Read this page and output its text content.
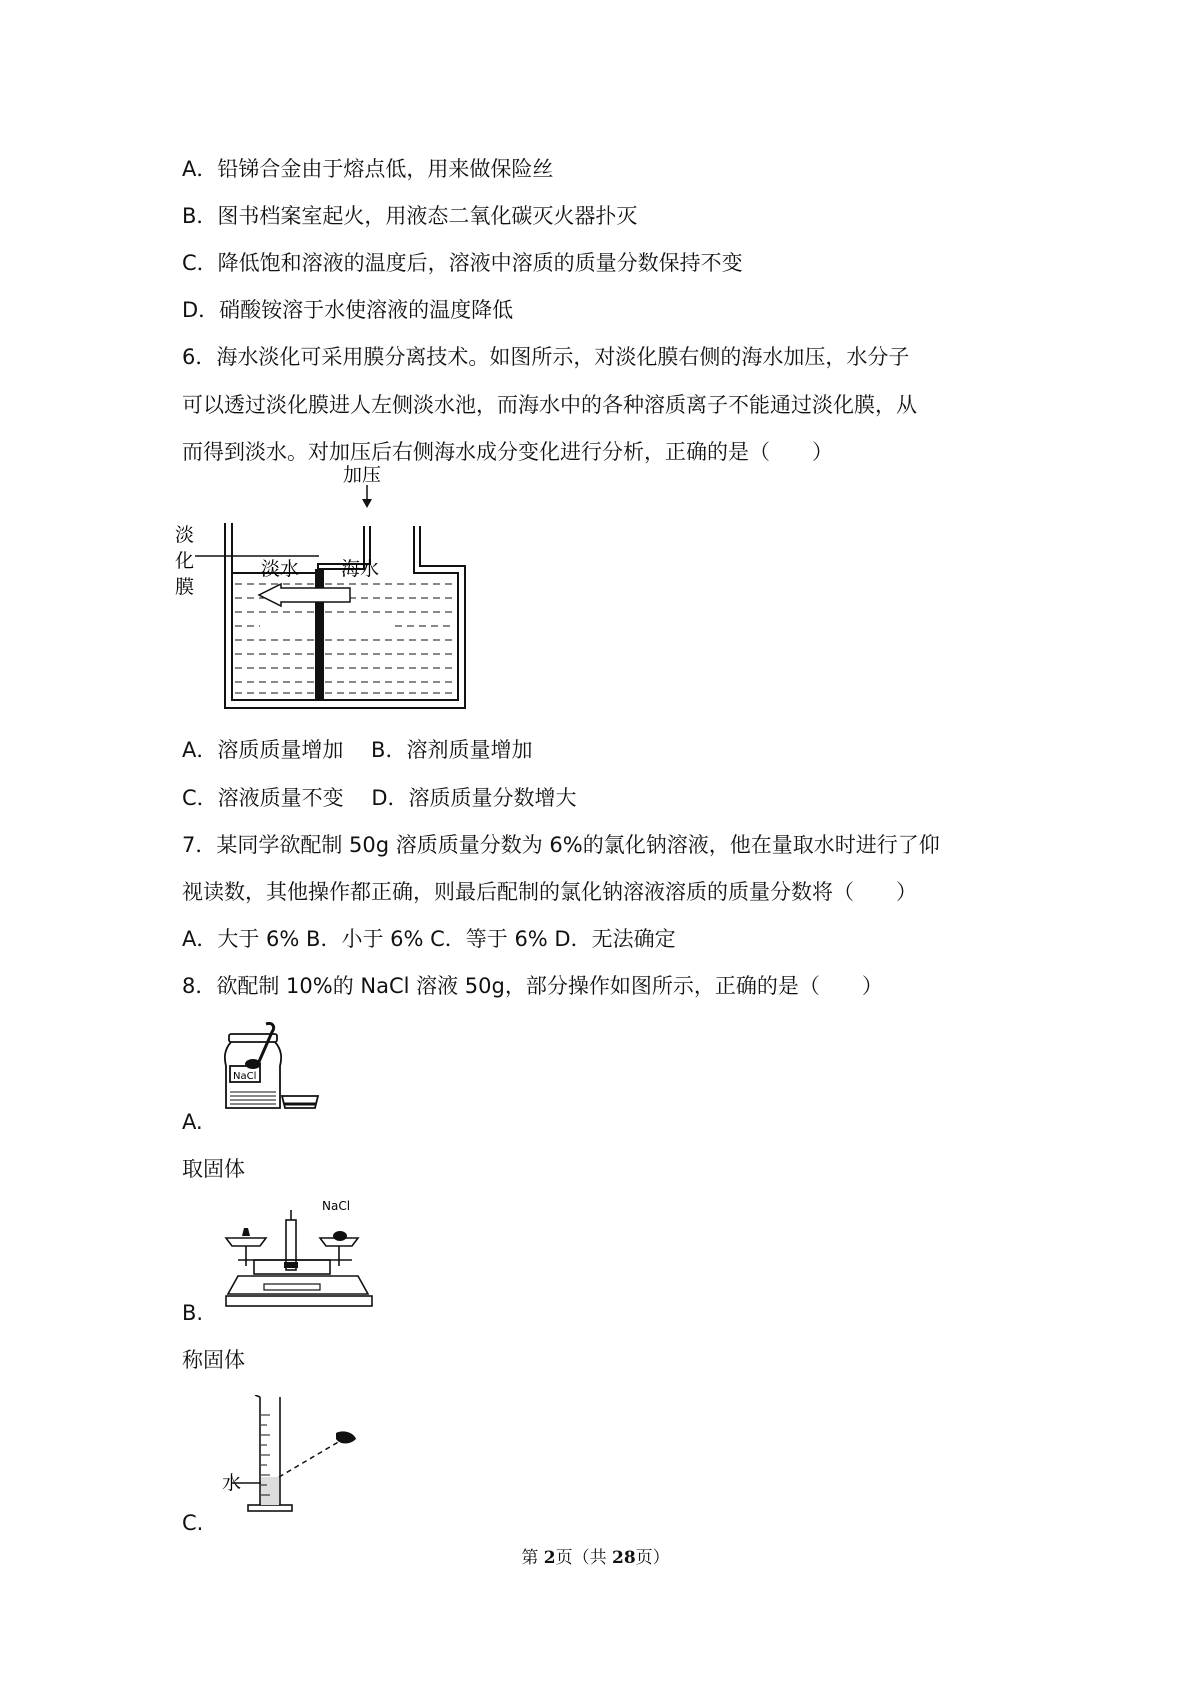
A．铅锑合金由于熔点低，用来做保险丝
B．图书档案室起火，用液态二氧化碳灭火器扑灭
C．降低饱和溶液的温度后，溶液中溶质的质量分数保持不变
D．硝酸铵溶于水使溶液的温度降低
6．海水淡化可采用膜分离技术。如图所示，对淡化膜右侧的海水加压，水分子
可以透过淡化膜进人左侧淡水池，而海水中的各种溶质离子不能通过淡化膜，从
而得到淡水。对加压后右侧海水成分变化进行分析，正确的是（　　）
加压
淡
化
膜
淡水 海水
A．溶质质量增加　 B．溶剂质量增加
C．溶液质量不变　 D．溶质质量分数增大
7．某同学欲配制 50g 溶质质量分数为 6%的氯化钠溶液，他在量取水时进行了仰
视读数，其他操作都正确，则最后配制的氯化钠溶液溶质的质量分数将（　　）
A．大于 6% B．小于 6% C．等于 6% D．无法确定
8．欲配制 10%的 NaCl 溶液 50g，部分操作如图所示，正确的是（　　）
NaCl
A.
取固体
NaCl
B.
称固体
水
C.
第 2页（共 28页）
